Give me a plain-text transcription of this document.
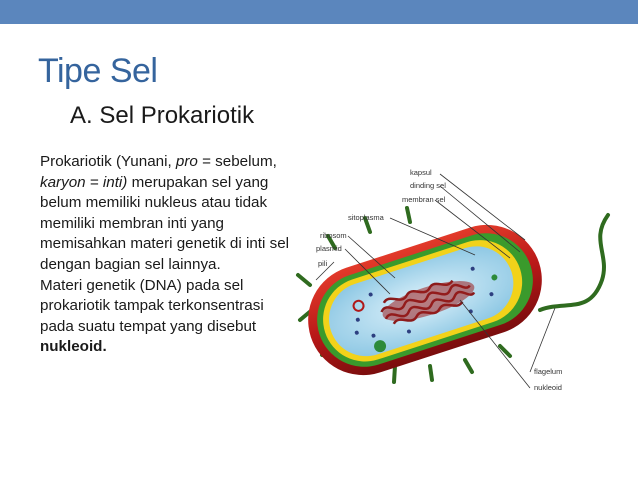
Tipe Sel
A. Sel Prokariotik

Prokariotik (Yunani, pro = sebelum, karyon = inti) merupakan sel yang belum memiliki nukleus atau tidak memiliki membran inti yang memisahkan materi genetik di inti sel dengan bagian sel lainnya.

Materi genetik (DNA) pada sel prokariotik tampak terkonsentrasi pada suatu tempat yang disebut nukleoid.

kapsul
dinding sel
membran sel
sitoplasma
ribosom
plasmid
pili
flagelum
nukleoid
